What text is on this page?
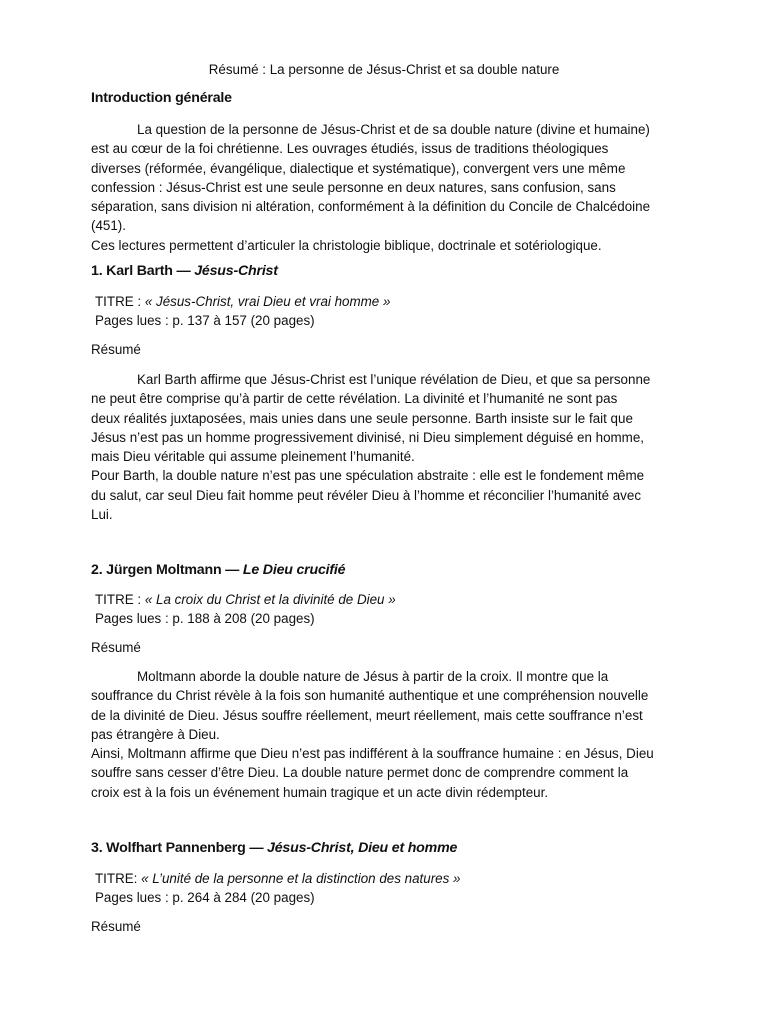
Résumé : La personne de Jésus-Christ et sa double nature
Introduction générale
La question de la personne de Jésus-Christ et de sa double nature (divine et humaine)
est au cœur de la foi chrétienne. Les ouvrages étudiés, issus de traditions théologiques
diverses (réformée, évangélique, dialectique et systématique), convergent vers une même
confession : Jésus-Christ est une seule personne en deux natures, sans confusion, sans
séparation, sans division ni altération, conformément à la définition du Concile de Chalcédoine
(451).
Ces lectures permettent d’articuler la christologie biblique, doctrinale et sotériologique.
1. Karl Barth — Jésus-Christ
TITRE : « Jésus-Christ, vrai Dieu et vrai homme »
Pages lues : p. 137 à 157 (20 pages)
Résumé
Karl Barth affirme que Jésus-Christ est l’unique révélation de Dieu, et que sa personne
ne peut être comprise qu’à partir de cette révélation. La divinité et l’humanité ne sont pas
deux réalités juxtaposées, mais unies dans une seule personne. Barth insiste sur le fait que
Jésus n’est pas un homme progressivement divinisé, ni Dieu simplement déguisé en homme,
mais Dieu véritable qui assume pleinement l’humanité.
Pour Barth, la double nature n’est pas une spéculation abstraite : elle est le fondement même
du salut, car seul Dieu fait homme peut révéler Dieu à l’homme et réconcilier l’humanité avec
Lui.
2. Jürgen Moltmann — Le Dieu crucifié
TITRE : « La croix du Christ et la divinité de Dieu »
Pages lues : p. 188 à 208 (20 pages)
Résumé
Moltmann aborde la double nature de Jésus à partir de la croix. Il montre que la
souffrance du Christ révèle à la fois son humanité authentique et une compréhension nouvelle
de la divinité de Dieu. Jésus souffre réellement, meurt réellement, mais cette souffrance n’est
pas étrangère à Dieu.
Ainsi, Moltmann affirme que Dieu n’est pas indifférent à la souffrance humaine : en Jésus, Dieu
souffre sans cesser d’être Dieu. La double nature permet donc de comprendre comment la
croix est à la fois un événement humain tragique et un acte divin rédempteur.
3. Wolfhart Pannenberg — Jésus-Christ, Dieu et homme
TITRE: « L’unité de la personne et la distinction des natures »
Pages lues : p. 264 à 284 (20 pages)
Résumé
